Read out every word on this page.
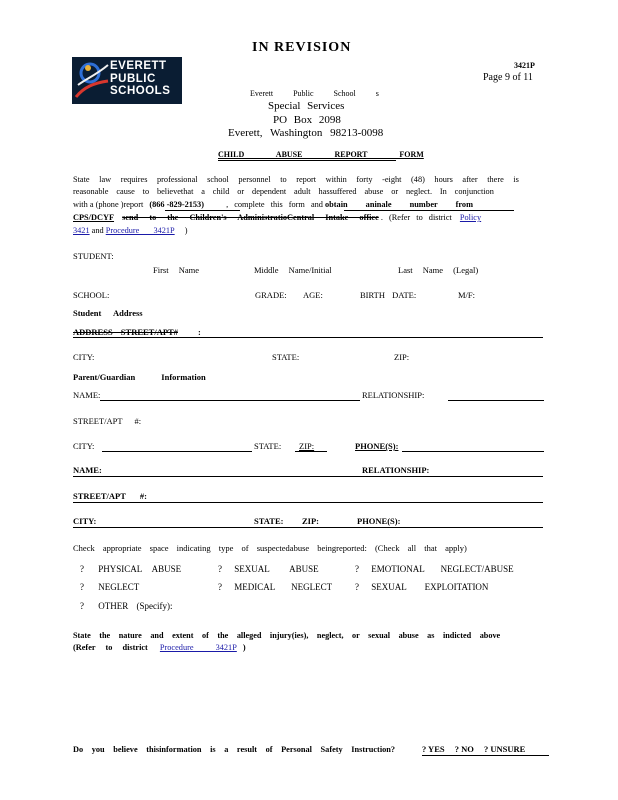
IN REVISION
3421P
Page 9 of 11
EVERETT
PUBLIC
SCHOOLS	Everett Public School s
Special Services
PO Box 2098
Everett, Washington 98213-0098
CHILD ABUSE REPORT FORM
State law requires professional school personnel to report within forty -eight (48) hours after there is
reasonable cause to believethat a child or dependent adult hassuffered abuse or neglect. In conjunction
with a (phone )report (866 -829-2153)	, complete this form and obtain aninale number from
CPS/DCYF send to the Children's AdministratioCentral Intake office . (Refer to district Policy
3421 and Procedure 3421P )
STUDENT:
First Name	Middle Name/Initial	Last Name (Legal)
SCHOOL:	GRADE: AGE:	BIRTH DATE:	M/F:
Student Address
ADDRESS STREET/APT# :
CITY:	STATE:	ZIP:
Parent/Guardian Information
NAME:	RELATIONSHIP:
STREET/APT #:
CITY:	STATE: ZIP:	PHONE(S):
NAME:	RELATIONSHIP:
STREET/APT #:
CITY:	STATE: ZIP:	PHONE(S):
Check appropriate space indicating type of suspectedabuse beingreported: (Check all that apply)
? PHYSICAL ABUSE	? SEXUAL ABUSE	? EMOTIONAL NEGLECT/ABUSE
? NEGLECT	? MEDICAL NEGLECT	? SEXUAL EXPLOITATION
? OTHER (Specify):
State the nature and extent of the alleged injury(ies), neglect, or sexual abuse as indicted above
(Refer to district Procedure 3421P )
Do you believe thisinformation is a result of Personal Safety Instruction?	? YES ? NO ? UNSURE
